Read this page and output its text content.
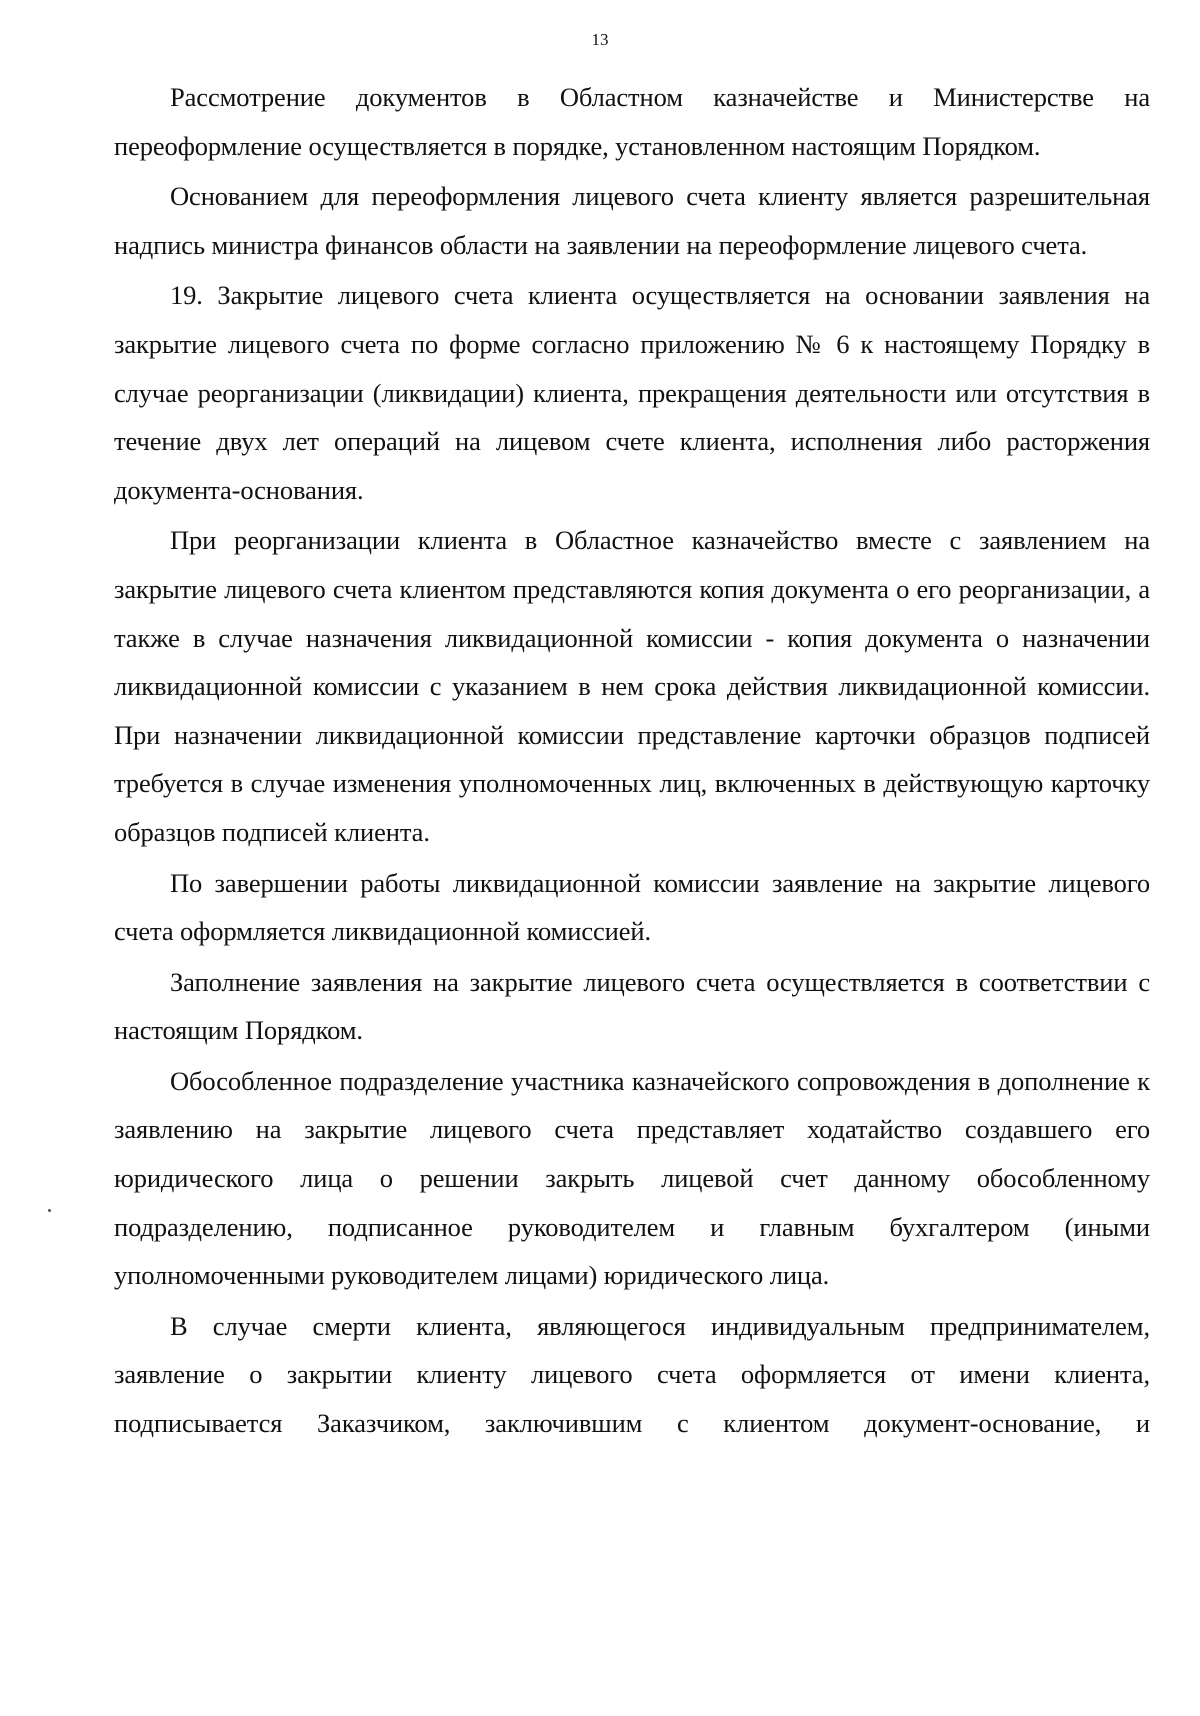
13

Рассмотрение документов в Областном казначействе и Министерстве на переоформление осуществляется в порядке, установленном настоящим Порядком.

Основанием для переоформления лицевого счета клиенту является разрешительная надпись министра финансов области на заявлении на переоформление лицевого счета.

19. Закрытие лицевого счета клиента осуществляется на основании заявления на закрытие лицевого счета по форме согласно приложению № 6 к настоящему Порядку в случае реорганизации (ликвидации) клиента, прекращения деятельности или отсутствия в течение двух лет операций на лицевом счете клиента, исполнения либо расторжения документа-основания.

При реорганизации клиента в Областное казначейство вместе с заявлением на закрытие лицевого счета клиентом представляются копия документа о его реорганизации, а также в случае назначения ликвидационной комиссии - копия документа о назначении ликвидационной комиссии с указанием в нем срока действия ликвидационной комиссии. При назначении ликвидационной комиссии представление карточки образцов подписей требуется в случае изменения уполномоченных лиц, включенных в действующую карточку образцов подписей клиента.

По завершении работы ликвидационной комиссии заявление на закрытие лицевого счета оформляется ликвидационной комиссией.

Заполнение заявления на закрытие лицевого счета осуществляется в соответствии с настоящим Порядком.

Обособленное подразделение участника казначейского сопровождения в дополнение к заявлению на закрытие лицевого счета представляет ходатайство создавшего его юридического лица о решении закрыть лицевой счет данному обособленному подразделению, подписанное руководителем и главным бухгалтером (иными уполномоченными руководителем лицами) юридического лица.

В случае смерти клиента, являющегося индивидуальным предпринимателем, заявление о закрытии клиенту лицевого счета оформляется от имени клиента, подписывается Заказчиком, заключившим с клиентом документ-основание, и
